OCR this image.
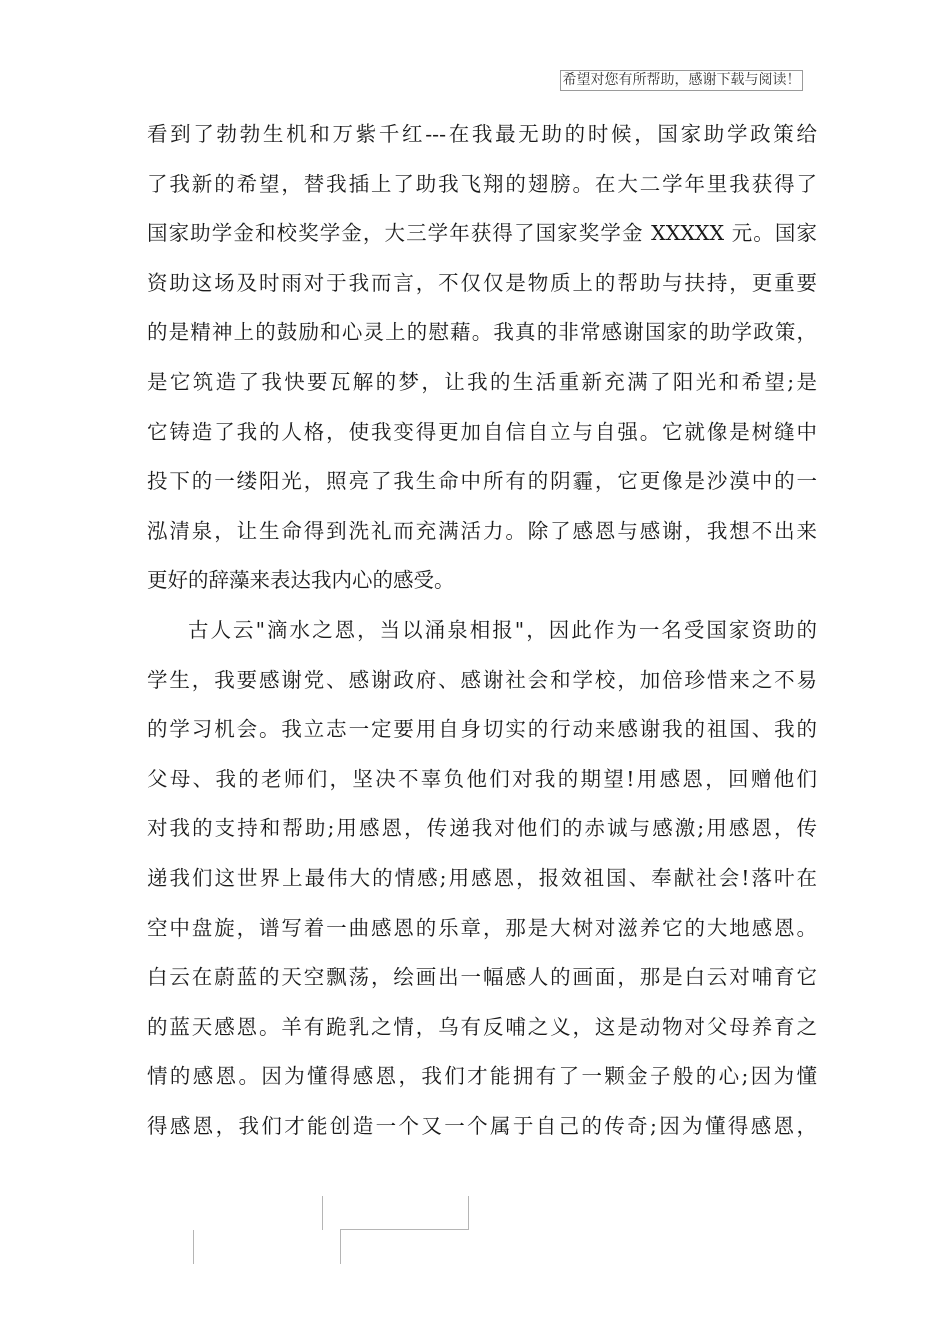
希望对您有所帮助，感谢下载与阅读！
看到了勃勃生机和万紫千红---在我最无助的时候，国家助学政策给
了我新的希望，替我插上了助我飞翔的翅膀。在大二学年里我获得了
国家助学金和校奖学金，大三学年获得了国家奖学金 XXXXX 元。国家
资助这场及时雨对于我而言，不仅仅是物质上的帮助与扶持，更重要
的是精神上的鼓励和心灵上的慰藉。我真的非常感谢国家的助学政策，
是它筑造了我快要瓦解的梦，让我的生活重新充满了阳光和希望;是
它铸造了我的人格，使我变得更加自信自立与自强。它就像是树缝中
投下的一缕阳光，照亮了我生命中所有的阴霾，它更像是沙漠中的一
泓清泉，让生命得到洗礼而充满活力。除了感恩与感谢，我想不出来
更好的辞藻来表达我内心的感受。
古人云"滴水之恩，当以涌泉相报"，因此作为一名受国家资助的
学生，我要感谢党、感谢政府、感谢社会和学校，加倍珍惜来之不易
的学习机会。我立志一定要用自身切实的行动来感谢我的祖国、我的
父母、我的老师们，坚决不辜负他们对我的期望!用感恩，回赠他们
对我的支持和帮助;用感恩，传递我对他们的赤诚与感激;用感恩，传
递我们这世界上最伟大的情感;用感恩，报效祖国、奉献社会!落叶在
空中盘旋，谱写着一曲感恩的乐章，那是大树对滋养它的大地感恩。
白云在蔚蓝的天空飘荡，绘画出一幅感人的画面，那是白云对哺育它
的蓝天感恩。羊有跪乳之情，乌有反哺之义，这是动物对父母养育之
情的感恩。因为懂得感恩，我们才能拥有了一颗金子般的心;因为懂
得感恩，我们才能创造一个又一个属于自己的传奇;因为懂得感恩，
